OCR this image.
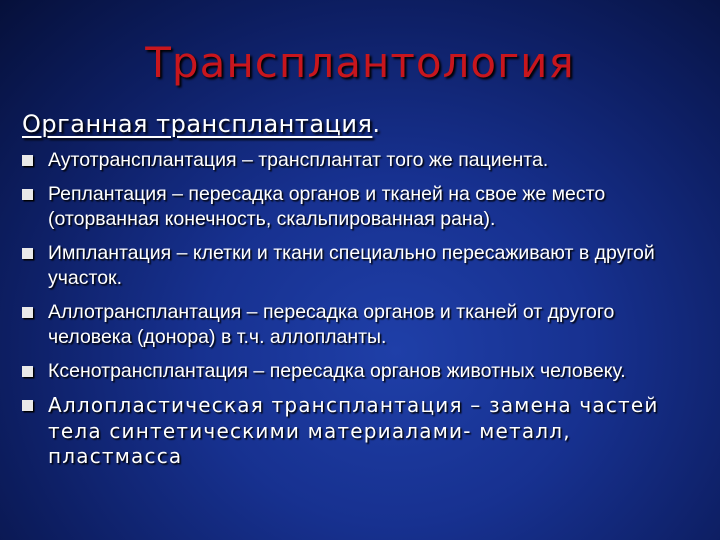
Трансплантология
Органная трансплантация.
Аутотрансплантация – трансплантат того же пациента.
Реплантация – пересадка органов и тканей на свое же место (оторванная конечность, скальпированная рана).
Имплантация – клетки и ткани специально пересаживают в другой участок.
Аллотрансплантация – пересадка органов и тканей от другого человека (донора) в т.ч. аллопланты.
Ксенотрансплантация – пересадка органов животных человеку.
Аллопластическая трансплантация – замена частей тела синтетическими материалами- металл, пластмасса
